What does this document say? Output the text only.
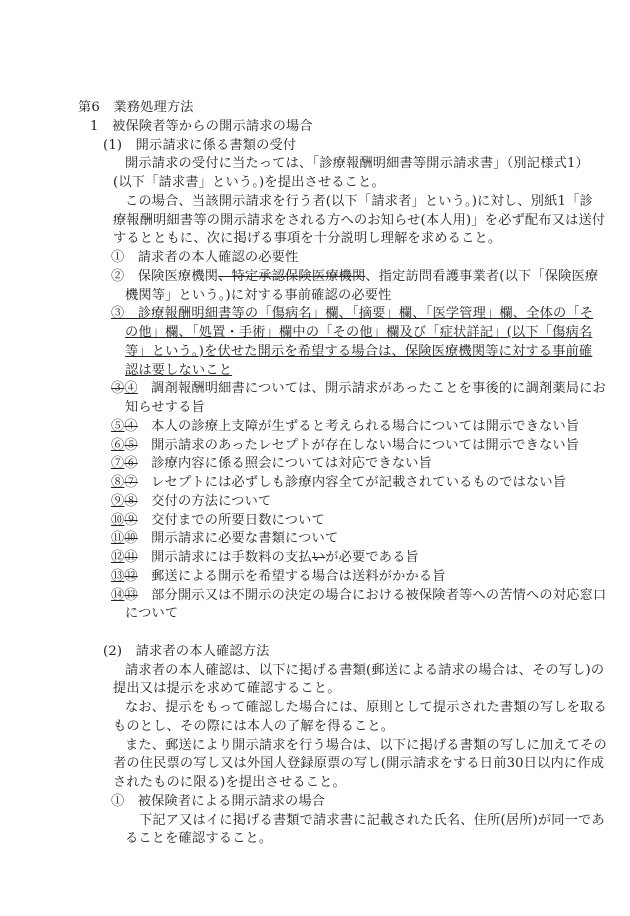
第6　業務処理方法
1　被保険者等からの開示請求の場合
(1)　開示請求に係る書類の受付
開示請求の受付に当たっては、「診療報酬明細書等開示請求書」（別記様式1）
(以下「請求書」という。)を提出させること。
この場合、当該開示請求を行う者(以下「請求者」という。)に対し、別紙1「診
療報酬明細書等の開示請求をされる方へのお知らせ(本人用)」を必ず配布又は送付
するとともに、次に掲げる事項を十分説明し理解を求めること。
①　請求者の本人確認の必要性
②　保険医療機関、特定承認保険医療機関、指定訪問看護事業者(以下「保険医療
機関等」という。)に対する事前確認の必要性
③　診療報酬明細書等の「傷病名」欄、「摘要」欄、「医学管理」欄、全体の「そ
の他」欄、「処置・手術」欄中の「その他」欄及び「症状詳記」(以下「傷病名
等」という。)を伏せた開示を希望する場合は、保険医療機関等に対する事前確
認は要しないこと
③④　調剤報酬明細書については、開示請求があったことを事後的に調剤薬局にお
知らせする旨
⑤④　本人の診療上支障が生ずると考えられる場合については開示できない旨
⑥⑤　開示請求のあったレセプトが存在しない場合については開示できない旨
⑦⑥　診療内容に係る照会については対応できない旨
⑧⑦　レセプトには必ずしも診療内容全てが記載されているものではない旨
⑨⑧　交付の方法について
⑩⑨　交付までの所要日数について
⑪⑩　開示請求に必要な書類について
⑫⑪　開示請求には手数料の支払いが必要である旨
⑬⑫　郵送による開示を希望する場合は送料がかかる旨
⑭⑬　部分開示又は不開示の決定の場合における被保険者等への苦情への対応窓口
について
(2)　請求者の本人確認方法
請求者の本人確認は、以下に掲げる書類(郵送による請求の場合は、その写し)の
提出又は提示を求めて確認すること。
なお、提示をもって確認した場合には、原則として提示された書類の写しを取る
ものとし、その際には本人の了解を得ること。
また、郵送により開示請求を行う場合は、以下に掲げる書類の写しに加えてその
者の住民票の写し又は外国人登録原票の写し(開示請求をする日前30日以内に作成
されたものに限る)を提出させること。
①　被保険者による開示請求の場合
下記ア又はイに掲げる書類で請求書に記載された氏名、住所(居所)が同一であ
ることを確認すること。
